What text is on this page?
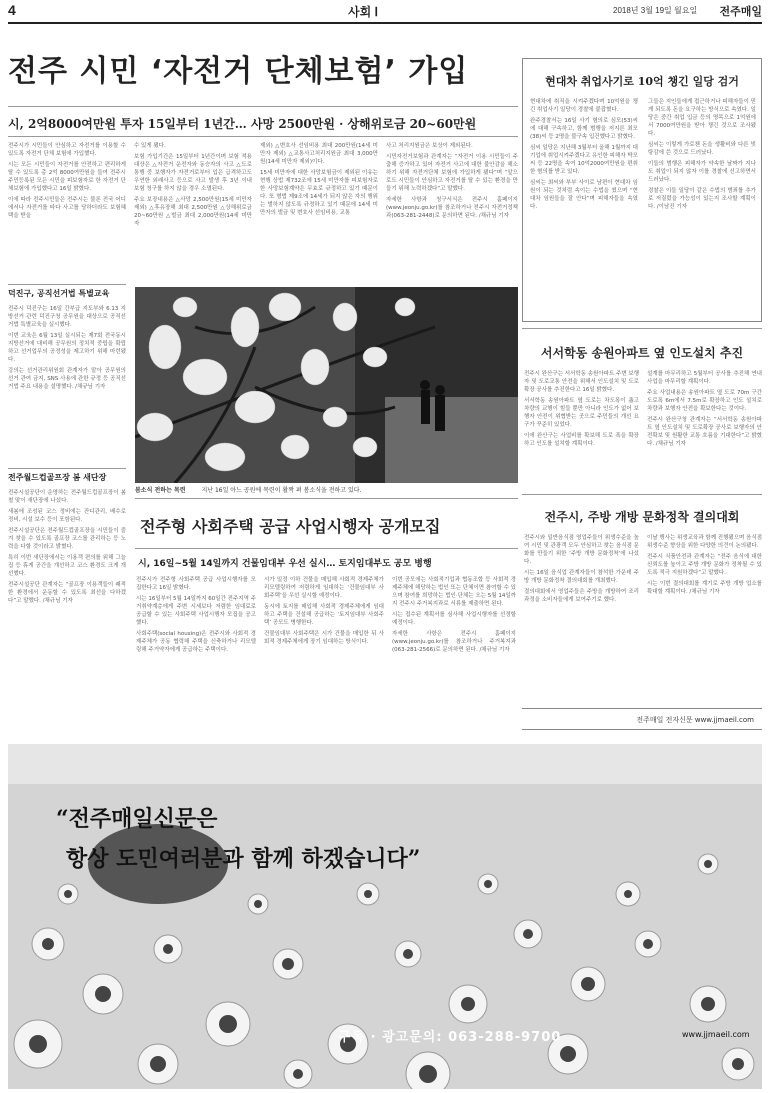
4	사회 Ⅰ	2018년 3월 19일 월요일 전주매일
전주 시민 ‘자전거 단체보험’ 가입
시, 2억8000여만원 투자 15일부터 1년간… 사망 2500만원 · 상해위로금 20~60만원

전주시가 시민들이 안심하고 자전거를 이용할 수 있도록 자전거 단체 보험에 가입했다.

시는 모든 시민들이 자전거를 안전하고 편리하게 탈 수 있도록 총 2억 8000여만원을 들여 전주시 주민등록된 모든 시민을 피보험자로 한 자전거 단체보험에 가입했다고 16일 밝혔다.

이에 따라 전주시민들은 전주시는 물론 전국 어디에서나 자전거를 타다 사고를 당하더라도 보험혜택을 받을

수 있게 됐다.

보험 가입기간은 15일부터 1년간이며 보험 적용대상은 △자전거 운전자와 동승자의 사고 △도로 통행 중 보행자가 자전거로부터 입은 급격하고도 우연한 외래사고 등으로 사고 발생 후 3년 이내 보험 청구를 하지 않을 경우 소멸된다.

주요 보장내용은 △사망 2,500만원(15세 미만자 제외) △후유장해 최대 2,500만원 △상해위로금 20~60만원 △벌금 최대 2,000만원(14세 미만자

제외) △변호사 선임비용 최대 200만원(14세 미만자 제외) △교통사고처리지원금 최대 3,000만원(14세 미만자 제외)이다.

15세 미만자에 대한 사망보험금이 제외된 이유는 현행 상법 제732조에 15세 미만자를 피보험자로 한 사망보험계약은 무효로 규정하고 있기 때문이다. 또 형법 제9조에 14세가 되지 않은 자의 행위는 벌하지 않도록 규정하고 있기 때문에 14세 미만자의 벌금 및 변호사 선임비용, 교통

사고 처리지원금은 보상이 제외된다.

시민자전거보험과 관계자는 “자전거 이용 시민들이 주춤해 증가하고 있어 자전거 사고에 대한 불안감을 해소하기 위해 자전거단체 보험에 가입하게 됐다”며 “앞으로도 시민들이 안심하고 자전거를 탈 수 있는 환경을 만들기 위해 노력하겠다”고 말했다.

자세한 사항과 청구서식은 전주시 홈페이지(www.jeonju.go.kr)를 참조하거나 전주시 자전거정책과(063-281-2448)로 문의하면 된다. /채규님 기자

현대차 취업사기로 10억 챙긴 일당 검거

현대차에 취직을 시켜주겠다며 10억원을 챙긴 취업사기 일당이 경찰에 붙잡혔다.

완주경찰서는 16일 사기 혐의로 심모(53)씨에 대해 구속하고, 함께 범행을 저지른 최모(38)씨 등 2명을 불구속 입건했다고 밝혔다.

심씨 일당은 지난해 3월부터 올해 1월까지 대기업에 취업시켜주겠다고 유인한 피해자 박모 씨 등 22명을 속여 10억2000여만원을 편취한 혐의를 받고 있다.

심씨는 최씨와 부부 사이로 남편이 현대차 임원이 되는 것처럼 속이는 수법을 썼으며 “현대차 임원들을 잘 안다”며 피해자들을 속였다.

그들은 지인들에게 접근하거나 피해자들이 믿게 되도록 돈을 요구하는 방식으로 속였다. 일당은 중간 취업 입금 등의 명목으로 1억원에서 7000여만원을 받아 챙긴 것으로 조사됐다.

심씨는 이렇게 가로챈 돈을 생활비와 다른 빚 탕감에 쓴 것으로 드러났다.

이들의 범행은 피해자가 약속한 날짜가 지나도 취업이 되지 않자 이를 경찰에 신고하면서 드러났다.

경찰은 이들 일당이 같은 수법의 범죄를 추가로 저질렀을 가능성이 있는지 조사할 계획이다. /이남진 기자

덕진구, 공직선거법 특별교육

전주시 덕진구는 16일 간부급 지도부와 6.13 지방선거 관련 덕진구청 공무원을 대상으로 공직선거법 특별교육을 실시했다.

이번 교육은 6월 13일 실시되는 제7회 전국동시지방선거에 대비해 공무원의 정치적 중립을 확립하고 선거업무의 공정성을 제고하기 위해 마련됐다.

강의는 선거관리위원회 관계자가 맡아 공무원의 선거 관여 금지, SNS 사용에 관한 규정 등 공직선거법 주요 내용을 설명했다. /채규님 기자

봄소식 전하는 목련	지난 16일 아느 공원에 목련이 활짝 펴 봄소식을 전하고 있다.
서서학동 송원아파트 옆 인도설치 추진

전주시 완산구는 서서학동 송원아파트 주변 보행자 및 도로교통 안전을 위해서 인도설치 및 도로확장 공사를 추진한다고 16일 밝혔다.

서서학동 송원아파트 옆 도로는 차도폭이 좁고 차량의 교행이 힘들 뿐만 아니라 인도가 없어 보행자 안전이 위협받는 곳으로 주민들의 개선 요구가 꾸준히 있었다.

이에 완산구는 사업비를 확보해 도로 폭을 확장하고 인도를 설치할 계획이다.

설계를 마무리하고 5월부터 공사를 추진해 연내 사업을 마무리할 계획이다.

주요 사업내용은 송원아파트 옆 도로 70m 구간 도로폭 6m에서 7.5m로 확장하고 인도 설치로 차량과 보행자 안전을 확보한다는 것이다.

전주시 완산구청 관계자는 “서서학동 송원아파트 옆 인도설치 및 도로확장 공사로 보행자의 안전확보 및 원활한 교통 흐름을 기대한다”고 밝혔다. /채규님 기자

전주월드컵골프장 봄 새단장

전주시설공단이 운영하는 전주월드컵골프장이 봄철 맞이 새단장에 나섰다.

새봄에 조성된 코스 정비에는 잔디관리, 배수로 정비, 시설 보수 등이 포함된다.

전주시설공단은 전주월드컵골프장을 시민들이 즐겨 찾을 수 있도록 골프장 코스를 관리하는 등 노력을 다할 것이라고 밝혔다.

특히 이번 새단장에서는 이용객 편의를 위해 그늘집 등 휴게 공간을 개선하고 코스 환경도 크게 개선했다.

전주시설공단 관계자는 “골프장 이용객들이 쾌적한 환경에서 운동할 수 있도록 최선을 다하겠다”고 말했다. /채규님 기자

전주형 사회주택 공급 사업시행자 공개모집
시, 16일~5월 14일까지 건물임대부 우선 실시… 토지임대부도 공모 병행

전주시가 전주형 사회주택 공급 사업시행자를 모집한다고 16일 밝혔다.

시는 16일부터 5월 14일까지 60일간 전주지역 주거취약계층에게 주변 시세보다 저렴한 임대료로 공급할 수 있는 사회주택 사업시행자 모집을 공고했다.

사회주택(social housing)은 전주시와 사회적 경제주체가 공동 협력해 주택을 신축하거나 리모델링해 주거약자에게 공급하는 주택이다.

시가 일정 이하 건물을 매입해 사회적 경제주체가 리모델링하여 저렴하게 임대하는 ‘건물임대부 사회주택’을 우선 실시할 예정이다.

동시에 토지를 매입해 사회적 경제주체에게 임대하고 주택을 건설해 공급하는 ‘토지임대부 사회주택’ 공모도 병행한다.

건물임대부 사회주택은 시가 건물을 매입한 뒤 사회적 경제주체에게 장기 임대하는 방식이다.

이번 공모에는 사회적기업과 협동조합 등 사회적 경제주체에 해당하는 법인 또는 단체이면 참여할 수 있으며 참여를 희망하는 법인·단체는 오는 5월 14일까지 전주시 주거복지과로 서류를 제출하면 된다.

시는 접수된 계획서를 심사해 사업시행자를 선정할 예정이다.

자세한 사항은 전주시 홈페이지(www.jeonju.go.kr)를 참조하거나 주거복지과(063-281-2566)로 문의하면 된다. /채규님 기자

전주시, 주방 개방 문화정착 결의대회

전주시와 일반음식점 영업주들이 위생수준을 높여 시민 및 관광객 모두 안심하고 찾는 음식점 문화를 만들기 위한 ‘주방 개방 문화정착’에 나섰다.

시는 16일 음식업 관계자들이 참석한 가운데 주방 개방 문화정착 결의대회를 개최했다.

결의대회에서 영업주들은 주방을 개방하여 조리과정을 소비자들에게 보여주기로 했다.

이날 행사는 위생교육과 함께 진행됐으며 음식점 위생수준 향상을 위한 다양한 의견이 논의됐다.

전주시 식품안전과 관계자는 “전주 음식에 대한 신뢰도를 높이고 주방 개방 문화가 정착될 수 있도록 적극 지원하겠다”고 말했다.

시는 이번 결의대회를 계기로 주방 개방 업소를 확대할 계획이다. /채규님 기자

전주매일 전자신문 www.jjmaeil.com
“전주매일신문은
항상 도민여러분과 함께 하겠습니다”
구독 · 광고문의: 063-288-9700	www.jjmaeil.com
